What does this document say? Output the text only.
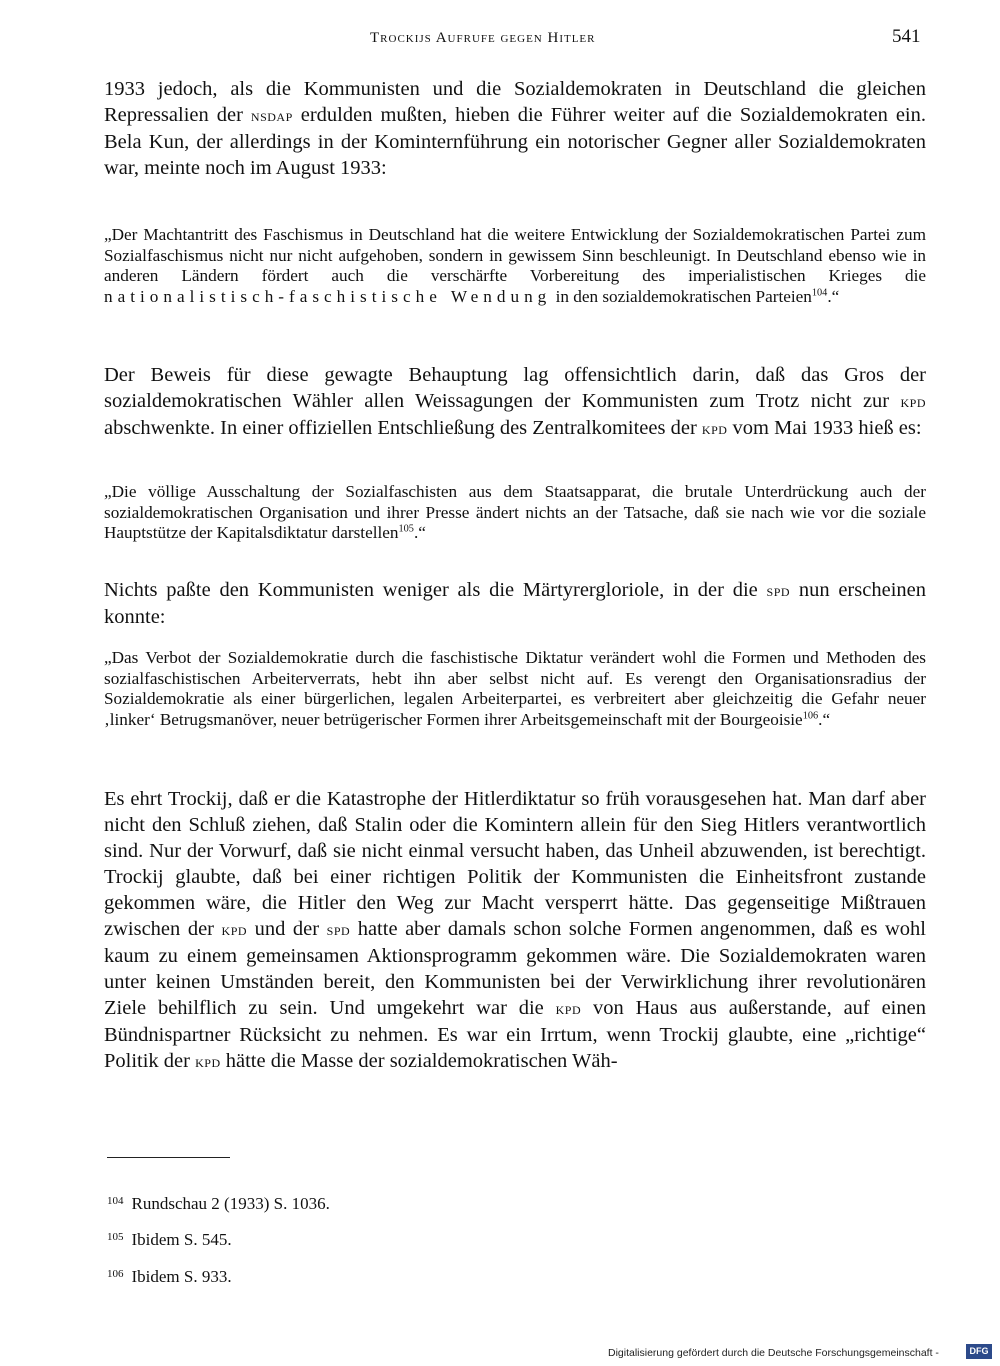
Trockijs Aufrufe gegen Hitler	541

1933 jedoch, als die Kommunisten und die Sozialdemokraten in Deutschland die gleichen Repressalien der nsdap erdulden mußten, hieben die Führer weiter auf die Sozialdemokraten ein. Bela Kun, der allerdings in der Kominternführung ein notorischer Gegner aller Sozialdemokraten war, meinte noch im August 1933:

„Der Machtantritt des Faschismus in Deutschland hat die weitere Entwicklung der Sozialdemokratischen Partei zum Sozialfaschismus nicht nur nicht aufgehoben, sondern in gewissem Sinn beschleunigt. In Deutschland ebenso wie in anderen Ländern fördert auch die verschärfte Vorbereitung des imperialistischen Krieges die nationalistisch-faschistische Wendung in den sozialdemokratischen Parteien$^{104}$.“

Der Beweis für diese gewagte Behauptung lag offensichtlich darin, daß das Gros der sozialdemokratischen Wähler allen Weissagungen der Kommunisten zum Trotz nicht zur kpd abschwenkte. In einer offiziellen Entschließung des Zentralkomitees der kpd vom Mai 1933 hieß es:

„Die völlige Ausschaltung der Sozialfaschisten aus dem Staatsapparat, die brutale Unterdrückung auch der sozialdemokratischen Organisation und ihrer Presse ändert nichts an der Tatsache, daß sie nach wie vor die soziale Hauptstütze der Kapitalsdiktatur darstellen$^{105}$.“

Nichts paßte den Kommunisten weniger als die Märtyrergloriole, in der die spd nun erscheinen konnte:

„Das Verbot der Sozialdemokratie durch die faschistische Diktatur verändert wohl die Formen und Methoden des sozialfaschistischen Arbeiterverrats, hebt ihn aber selbst nicht auf. Es verengt den Organisationsradius der Sozialdemokratie als einer bürgerlichen, legalen Arbeiterpartei, es verbreitert aber gleichzeitig die Gefahr neuer ‚linker‘ Betrugsmanöver, neuer betrügerischer Formen ihrer Arbeitsgemeinschaft mit der Bourgeoisie$^{106}$.“

Es ehrt Trockij, daß er die Katastrophe der Hitlerdiktatur so früh vorausgesehen hat. Man darf aber nicht den Schluß ziehen, daß Stalin oder die Komintern allein für den Sieg Hitlers verantwortlich sind. Nur der Vorwurf, daß sie nicht einmal versucht haben, das Unheil abzuwenden, ist berechtigt. Trockij glaubte, daß bei einer richtigen Politik der Kommunisten die Einheitsfront zustande gekommen wäre, die Hitler den Weg zur Macht versperrt hätte. Das gegenseitige Mißtrauen zwischen der kpd und der spd hatte aber damals schon solche Formen angenommen, daß es wohl kaum zu einem gemeinsamen Aktionsprogramm gekommen wäre. Die Sozialdemokraten waren unter keinen Umständen bereit, den Kommunisten bei der Verwirklichung ihrer revolutionären Ziele behilflich zu sein. Und umgekehrt war die kpd von Haus aus außerstande, auf einen Bündnispartner Rücksicht zu nehmen. Es war ein Irrtum, wenn Trockij glaubte, eine „richtige“ Politik der kpd hätte die Masse der sozialdemokratischen Wäh-

$^{104}$ Rundschau 2 (1933) S. 1036.
$^{105}$ Ibidem S. 545.
$^{106}$ Ibidem S. 933.
Digitalisierung gefördert durch die Deutsche Forschungsgemeinschaft -	DFG
